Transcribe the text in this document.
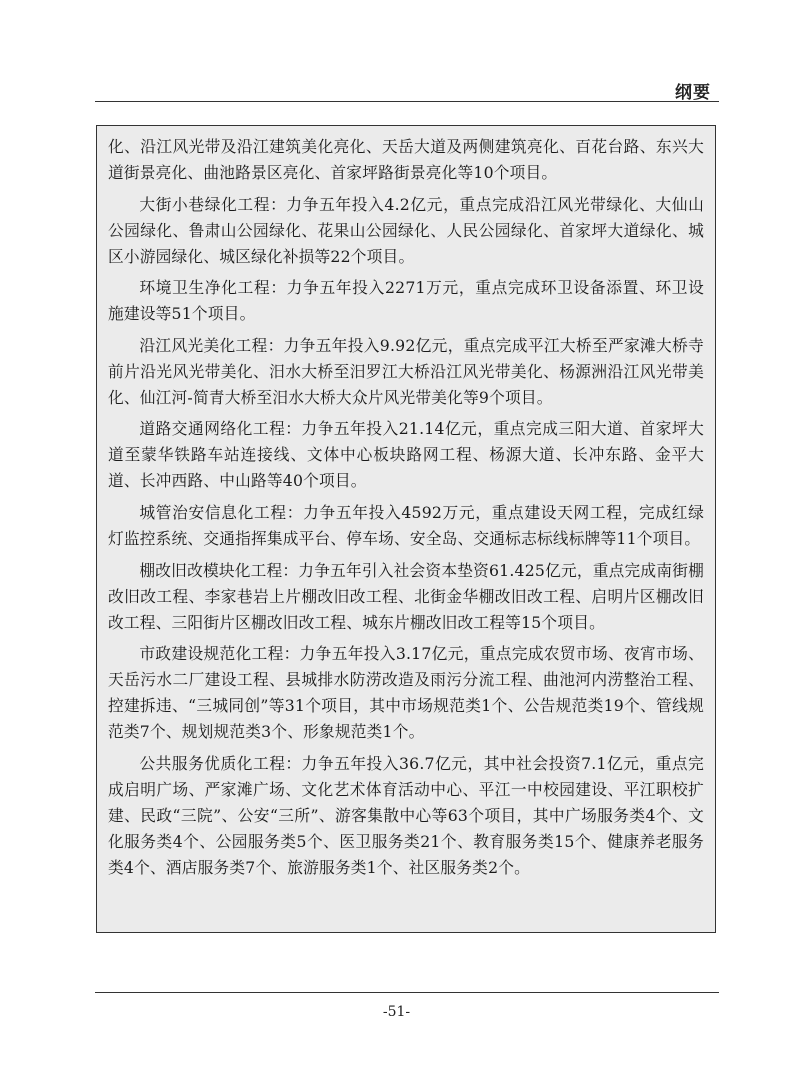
纲要

化、沿江风光带及沿江建筑美化亮化、天岳大道及两侧建筑亮化、百花台路、东兴大道街景亮化、曲池路景区亮化、首家坪路街景亮化等10个项目。

大街小巷绿化工程：力争五年投入4.2亿元，重点完成沿江风光带绿化、大仙山公园绿化、鲁肃山公园绿化、花果山公园绿化、人民公园绿化、首家坪大道绿化、城区小游园绿化、城区绿化补损等22个项目。

环境卫生净化工程：力争五年投入2271万元，重点完成环卫设备添置、环卫设施建设等51个项目。

沿江风光美化工程：力争五年投入9.92亿元，重点完成平江大桥至严家滩大桥寺前片沿光风光带美化、汨水大桥至汨罗江大桥沿江风光带美化、杨源洲沿江风光带美化、仙江河-简青大桥至汨水大桥大众片风光带美化等9个项目。

道路交通网络化工程：力争五年投入21.14亿元，重点完成三阳大道、首家坪大道至蒙华铁路车站连接线、文体中心板块路网工程、杨源大道、长冲东路、金平大道、长冲西路、中山路等40个项目。

城管治安信息化工程：力争五年投入4592万元，重点建设天网工程，完成红绿灯监控系统、交通指挥集成平台、停车场、安全岛、交通标志标线标牌等11个项目。

棚改旧改模块化工程：力争五年引入社会资本垫资61.425亿元，重点完成南街棚改旧改工程、李家巷岩上片棚改旧改工程、北街金华棚改旧改工程、启明片区棚改旧改工程、三阳街片区棚改旧改工程、城东片棚改旧改工程等15个项目。

市政建设规范化工程：力争五年投入3.17亿元，重点完成农贸市场、夜宵市场、天岳污水二厂建设工程、县城排水防涝改造及雨污分流工程、曲池河内涝整治工程、控建拆违、“三城同创”等31个项目，其中市场规范类1个、公告规范类19个、管线规范类7个、规划规范类3个、形象规范类1个。

公共服务优质化工程：力争五年投入36.7亿元，其中社会投资7.1亿元，重点完成启明广场、严家滩广场、文化艺术体育活动中心、平江一中校园建设、平江职校扩建、民政“三院”、公安“三所”、游客集散中心等63个项目，其中广场服务类4个、文化服务类4个、公园服务类5个、医卫服务类21个、教育服务类15个、健康养老服务类4个、酒店服务类7个、旅游服务类1个、社区服务类2个。

-51-
